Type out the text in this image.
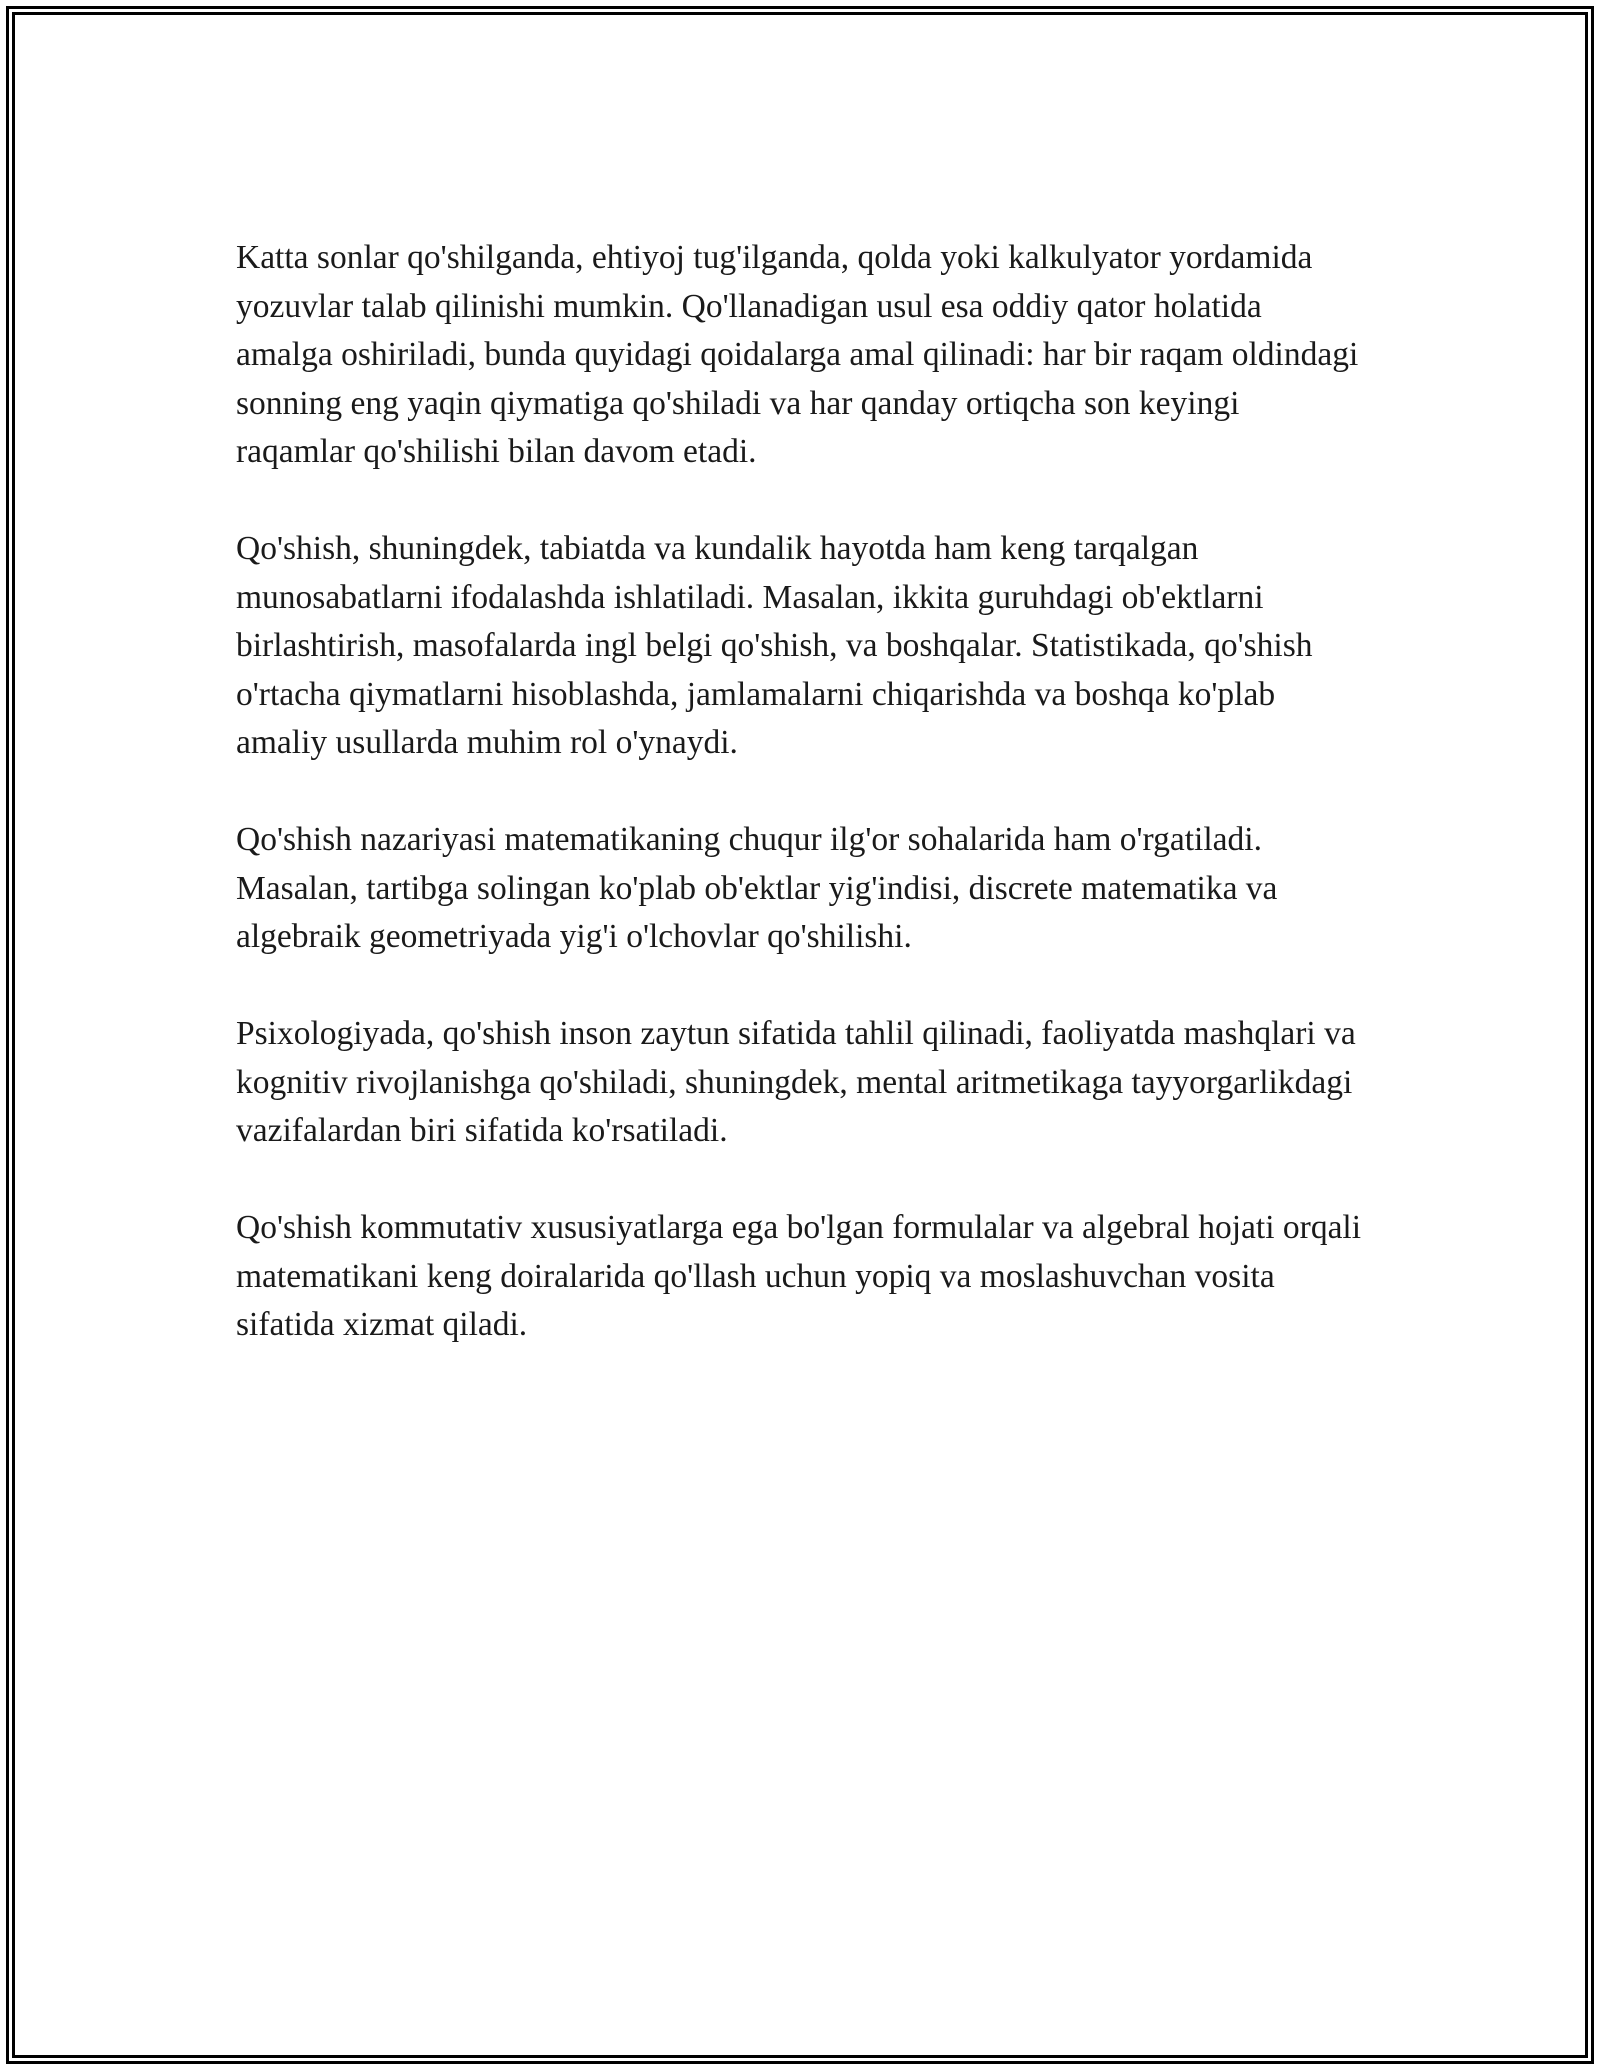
Katta sonlar qo'shilganda, ehtiyoj tug'ilganda, qolda yoki kalkulyator yordamida yozuvlar talab qilinishi mumkin. Qo'llanadigan usul esa oddiy qator holatida amalga oshiriladi, bunda quyidagi qoidalarga amal qilinadi: har bir raqam oldindagi sonning eng yaqin qiymatiga qo'shiladi va har qanday ortiqcha son keyingi raqamlar qo'shilishi bilan davom etadi.

Qo'shish, shuningdek, tabiatda va kundalik hayotda ham keng tarqalgan munosabatlarni ifodalashda ishlatiladi. Masalan, ikkita guruhdagi ob'ektlarni birlashtirish, masofalarda ingl belgi qo'shish, va boshqalar. Statistikada, qo'shish o'rtacha qiymatlarni hisoblashda, jamlamalarni chiqarishda va boshqa ko'plab amaliy usullarda muhim rol o'ynaydi.

Qo'shish nazariyasi matematikaning chuqur ilg'or sohalarida ham o'rgatiladi. Masalan, tartibga solingan ko'plab ob'ektlar yig'indisi, discrete matematika va algebraik geometriyada yig'i o'lchovlar qo'shilishi.

Psixologiyada, qo'shish inson zaytun sifatida tahlil qilinadi, faoliyatda mashqlari va kognitiv rivojlanishga qo'shiladi, shuningdek, mental aritmetikaga tayyorgarlikdagi vazifalardan biri sifatida ko'rsatiladi.

Qo'shish kommutativ xususiyatlarga ega bo'lgan formulalar va algebral hojati orqali matematikani keng doiralarida qo'llash uchun yopiq va moslashuvchan vosita sifatida xizmat qiladi.
